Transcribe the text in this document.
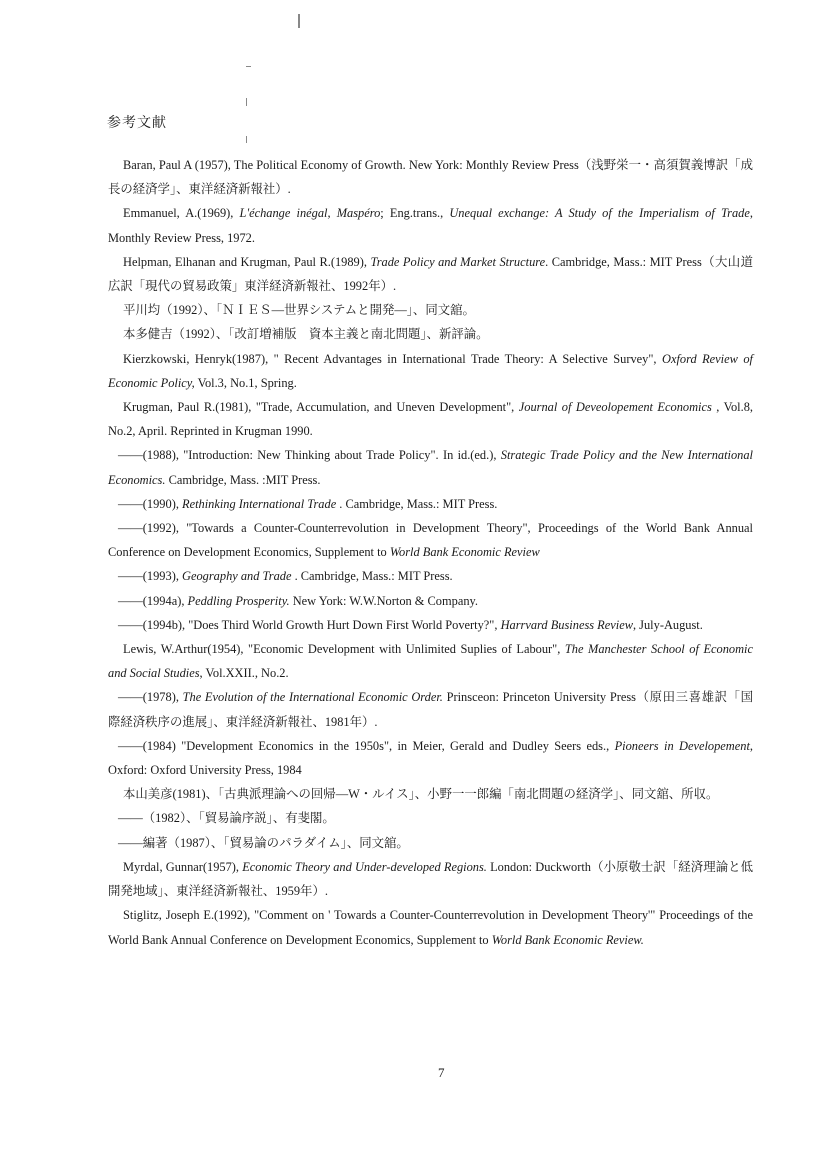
参考文献
Baran, Paul A (1957), The Political Economy of Growth. New York: Monthly Review Press（浅野栄一・高須賀義博訳「成長の経済学」、東洋経済新報社）.
Emmanuel, A.(1969), L'échange inégal, Maspéro; Eng.trans., Unequal exchange: A Study of the Imperialism of Trade, Monthly Review Press, 1972.
Helpman, Elhanan and Krugman, Paul R.(1989), Trade Policy and Market Structure. Cambridge, Mass.: MIT Press（大山道広訳「現代の貿易政策」東洋経済新報社、1992年）.
平川均（1992）、「ＮＩＥＳ―世界システムと開発―」、同文舘。
本多健吉（1992）、「改訂増補版　資本主義と南北問題」、新評論。
Kierzkowski, Henryk(1987), " Recent Advantages in International Trade Theory: A Selective Survey", Oxford Review of Economic Policy, Vol.3, No.1, Spring.
Krugman, Paul R.(1981), "Trade, Accumulation, and Uneven Development", Journal of Deveolopement Economics , Vol.8, No.2, April. Reprinted in Krugman 1990.
――(1988), "Introduction: New Thinking about Trade Policy". In id.(ed.), Strategic Trade Policy and the New International Economics. Cambridge, Mass. :MIT Press.
――(1990), Rethinking International Trade . Cambridge, Mass.: MIT Press.
――(1992), "Towards a Counter-Counterrevolution in Development Theory", Proceedings of the World Bank Annual Conference on Development Economics, Supplement to World Bank Economic Review
――(1993), Geography and Trade . Cambridge, Mass.: MIT Press.
――(1994a), Peddling Prosperity. New York: W.W.Norton & Company.
――(1994b), "Does Third World Growth Hurt Down First World Poverty?", Harrvard Business Review, July-August.
Lewis, W.Arthur(1954), "Economic Development with Unlimited Suplies of Labour", The Manchester School of Economic and Social Studies, Vol.XXII., No.2.
――(1978), The Evolution of the International Economic Order. Prinsceon: Princeton University Press（原田三喜雄訳「国際経済秩序の進展」、東洋経済新報社、1981年）.
――(1984) "Development Economics in the 1950s", in Meier, Gerald and Dudley Seers eds., Pioneers in Developement, Oxford: Oxford University Press, 1984
本山美彦(1981)、「古典派理論への回帰―W・ルイス」、小野一一郎編「南北問題の経済学」、同文舘、所収。
――（1982）、「貿易論序説」、有斐閣。
――編著（1987）、「貿易論のパラダイム」、同文舘。
Myrdal, Gunnar(1957), Economic Theory and Under-developed Regions. London: Duckworth（小原敬士訳「経済理論と低開発地域」、東洋経済新報社、1959年）.
Stiglitz, Joseph E.(1992), "Comment on ' Towards a Counter-Counterrevolution in Development Theory'" Proceedings of the World Bank Annual Conference on Development Economics, Supplement to World Bank Economic Review.
7
